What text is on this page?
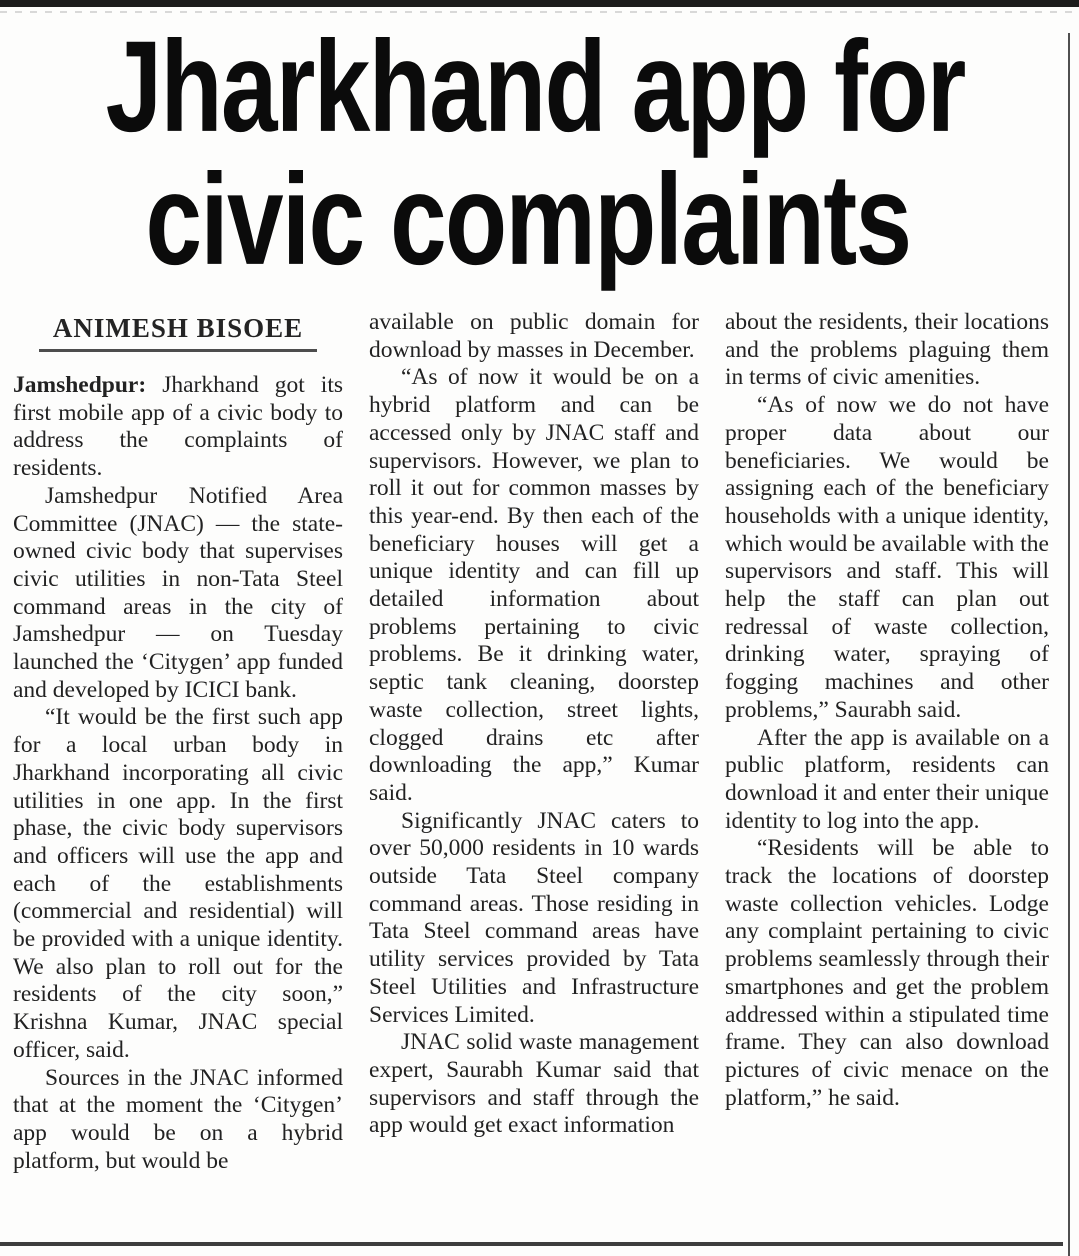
Jharkhand app for
civic complaints
ANIMESH BISOEE

Jamshedpur: Jharkhand got its first mobile app of a civic body to address the complaints of residents.

Jamshedpur Notified Area Committee (JNAC) — the state-owned civic body that supervises civic utilities in non-Tata Steel command areas in the city of Jamshedpur — on Tuesday launched the ‘Citygen’ app funded and developed by ICICI bank.

“It would be the first such app for a local urban body in Jharkhand incorporating all civic utilities in one app. In the first phase, the civic body supervisors and officers will use the app and each of the establishments (commercial and residential) will be provided with a unique identity. We also plan to roll out for the residents of the city soon,” Krishna Kumar, JNAC special officer, said.

Sources in the JNAC informed that at the moment the ‘Citygen’ app would be on a hybrid platform, but would be

available on public domain for download by masses in December.

“As of now it would be on a hybrid platform and can be accessed only by JNAC staff and supervisors. However, we plan to roll it out for common masses by this year-end. By then each of the beneficiary houses will get a unique identity and can fill up detailed information about problems pertaining to civic problems. Be it drinking water, septic tank cleaning, doorstep waste collection, street lights, clogged drains etc after downloading the app,” Kumar said.

Significantly JNAC caters to over 50,000 residents in 10 wards outside Tata Steel company command areas. Those residing in Tata Steel command areas have utility services provided by Tata Steel Utilities and Infrastructure Services Limited.

JNAC solid waste management expert, Saurabh Kumar said that supervisors and staff through the app would get exact information

about the residents, their locations and the problems plaguing them in terms of civic amenities.

“As of now we do not have proper data about our beneficiaries. We would be assigning each of the beneficiary households with a unique identity, which would be available with the supervisors and staff. This will help the staff can plan out redressal of waste collection, drinking water, spraying of fogging machines and other problems,” Saurabh said.

After the app is available on a public platform, residents can download it and enter their unique identity to log into the app.

“Residents will be able to track the locations of doorstep waste collection vehicles. Lodge any complaint pertaining to civic problems seamlessly through their smartphones and get the problem addressed within a stipulated time frame. They can also download pictures of civic menace on the platform,” he said.
